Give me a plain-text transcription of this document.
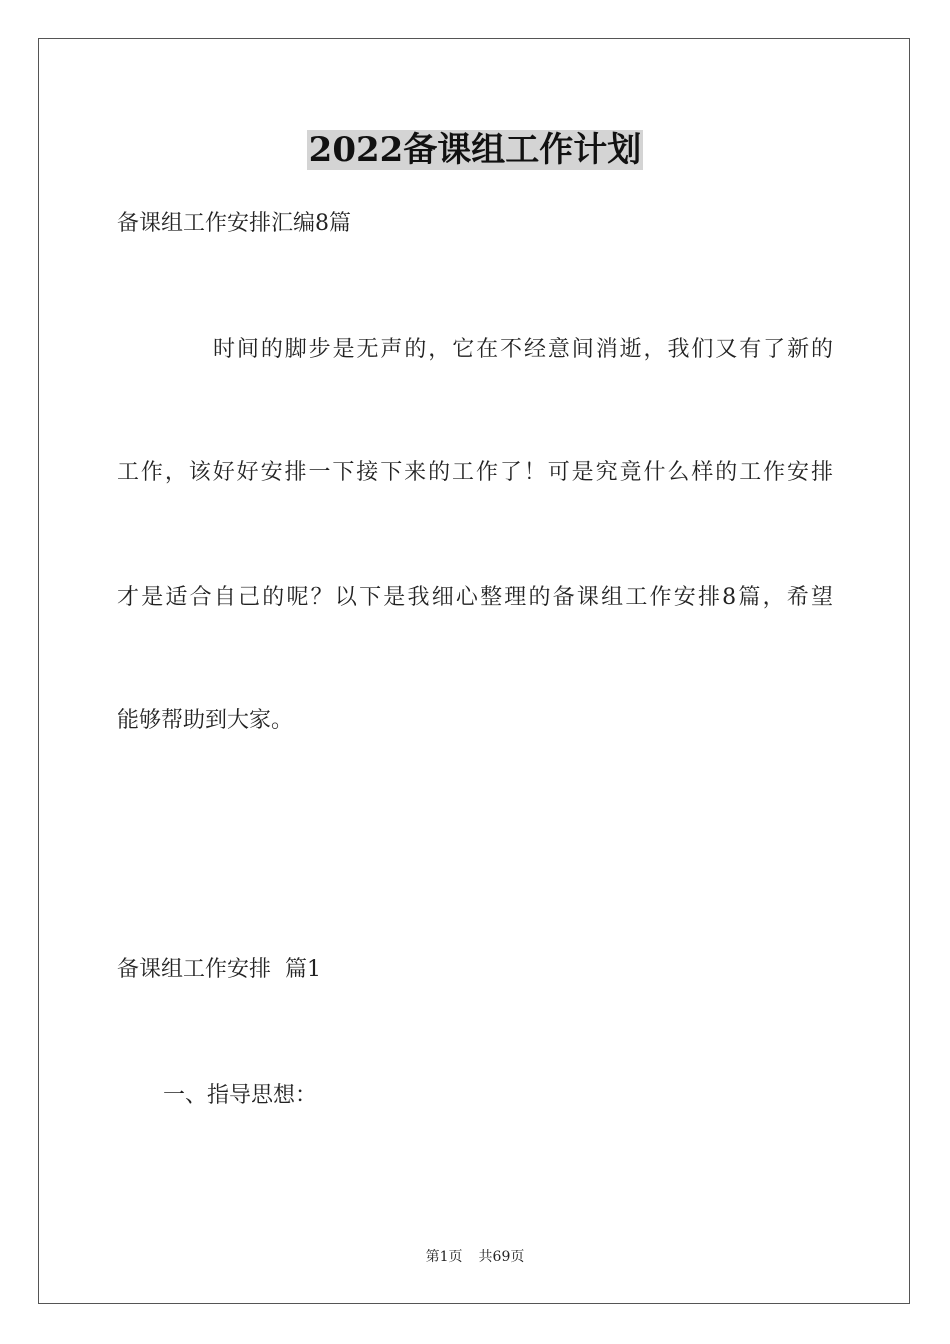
2022备课组工作计划
备课组工作安排汇编8篇
时间的脚步是无声的，它在不经意间消逝，我们又有了新的
工作，该好好安排一下接下来的工作了！可是究竟什么样的工作安排
才是适合自己的呢？以下是我细心整理的备课组工作安排8篇，希望
能够帮助到大家。
备课组工作安排  篇1
一、指导思想：
第1页 共69页
